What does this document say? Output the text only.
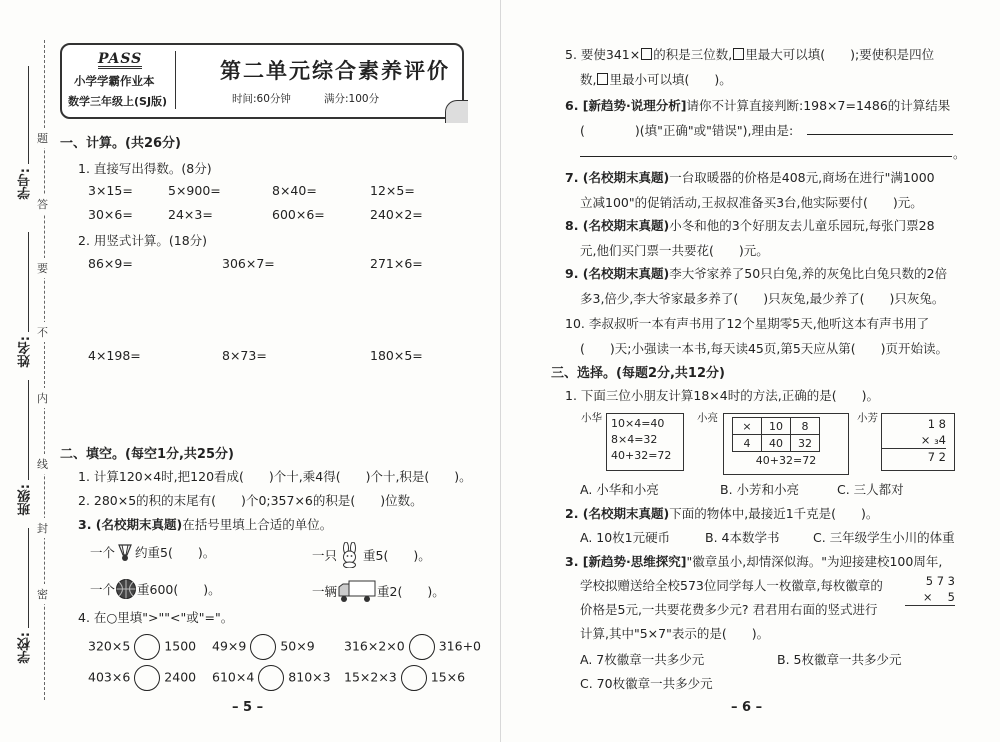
学号:
姓名:
班级:
学校:
题
答
要
不
内
线
封
密
PASS
小学学霸作业本
数学三年级上(SJ版)
第二单元综合素养评价
时间:60分钟	满分:100分
一、计算。(共26分)
1. 直接写出得数。(8分)
3×15=	5×900=	8×40=	12×5=
30×6=	24×3=	600×6=	240×2=
2. 用竖式计算。(18分)
86×9=	306×7=	271×6=
4×198=	8×73=	180×5=
二、填空。(每空1分,共25分)
1. 计算120×4时,把120看成(　　)个十,乘4得(　　)个十,积是(　　)。
2. 280×5的积的末尾有(　　)个0;357×6的积是(　　)位数。
3. (名校期末真题)在括号里填上合适的单位。
一个 约重5(　　)。	一只 重5(　　)。
一个 重600(　　)。	一辆	重2(　　)。
4. 在○里填">""<"或"="。
320×5	1500 49×9	50×9 316×2×0	316+0
403×6	2400 610×4	810×3 15×2×3	15×6
– 5 –
5. 要使341× 的积是三位数, 里最大可以填(　　);要使积是四位
数, 里最小可以填(　　)。
6. [新趋势·说理分析]请你不计算直接判断:198×7=1486的计算结果
(　　　　)(填"正确"或"错误"),理由是:
。
7. (名校期末真题)一台取暖器的价格是408元,商场在进行"满1000
立减100"的促销活动,王叔叔准备买3台,他实际要付(　　)元。
8. (名校期末真题)小冬和他的3个好朋友去儿童乐园玩,每张门票28
元,他们买门票一共要花(　　)元。
9. (名校期末真题)李大爷家养了50只白兔,养的灰兔比白兔只数的2倍
多3,倍少,李大爷家最多养了(　　)只灰兔,最少养了(　　)只灰兔。
10. 李叔叔听一本有声书用了12个星期零5天,他听这本有声书用了
(　　)天;小强读一本书,每天读45页,第5天应从第(　　)页开始读。
三、选择。(每题2分,共12分)
1. 下面三位小朋友计算18×4时的方法,正确的是(　　)。
小华 10×4=40
8×4=32
40+32=72
小亮
×	10	8
4	40	32
40+32=72
小芳	1 8
× ₃4
7 2
A. 小华和小亮	B. 小芳和小亮	C. 三人都对
2. (名校期末真题)下面的物体中,最接近1千克是(　　)。
A. 10枚1元硬币	B. 4本数学书	C. 三年级学生小川的体重
3. [新趋势·思维探究]"徽章虽小,却情深似海。"为迎接建校100周年,
学校拟赠送给全校573位同学每人一枚徽章,每枚徽章的
价格是5元,一共要花费多少元? 君君用右面的竖式进行
计算,其中"5×7"表示的是(　　)。
5 7 3
×　 5
A. 7枚徽章一共多少元	B. 5枚徽章一共多少元
C. 70枚徽章一共多少元
– 6 –
